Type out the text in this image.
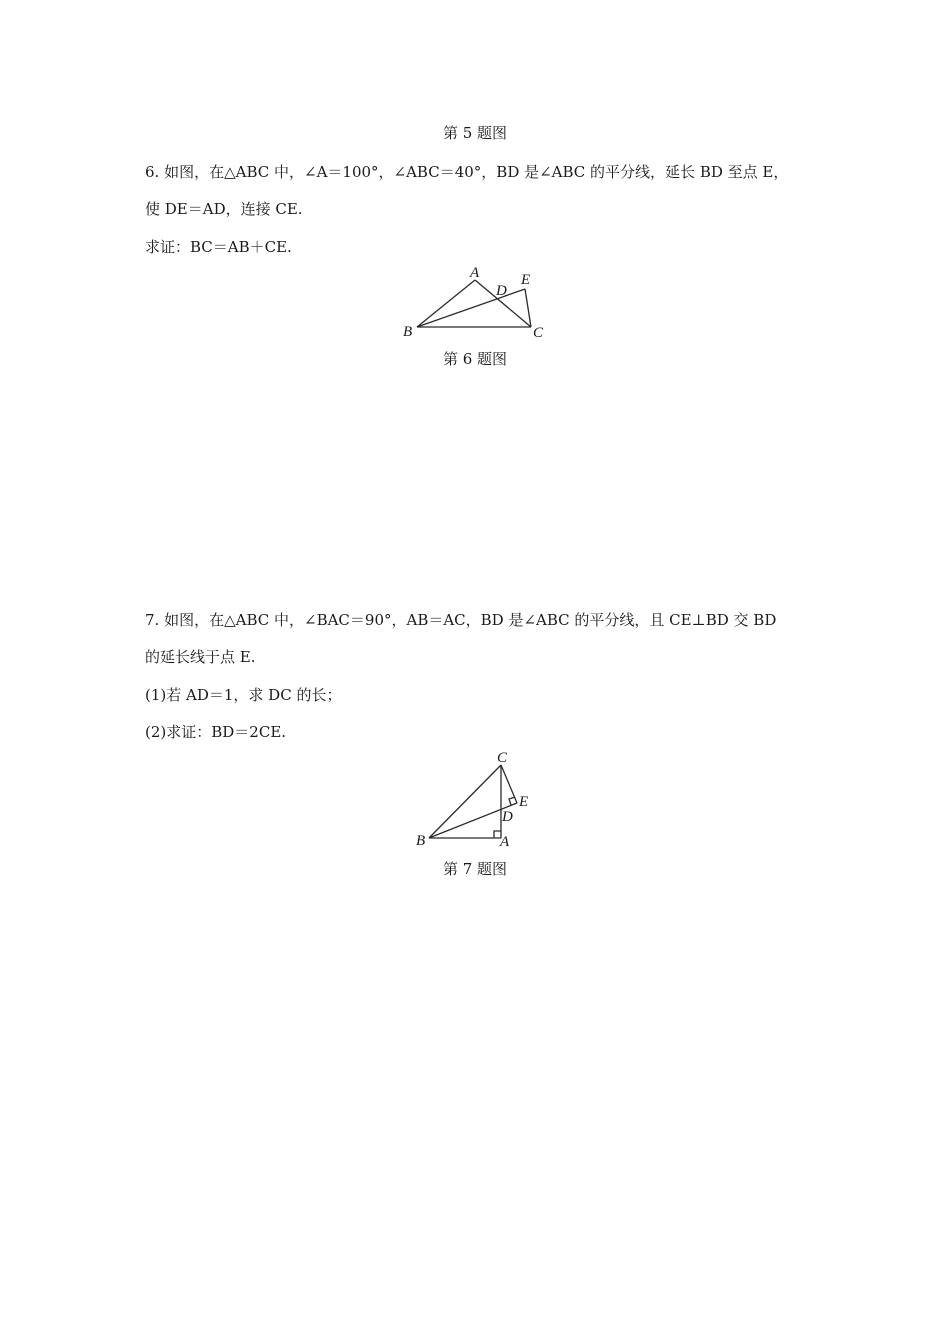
第 5 题图
6. 如图，在△ABC 中，∠A＝100°，∠ABC＝40°，BD 是∠ABC 的平分线，延长 BD 至点 E，
使 DE＝AD，连接 CE.
求证：BC＝AB＋CE.
A	E
D
B	C
第 6 题图
7. 如图，在△ABC 中，∠BAC＝90°，AB＝AC，BD 是∠ABC 的平分线，且 CE⊥BD 交 BD
的延长线于点 E.
(1)若 AD＝1，求 DC 的长；
(2)求证：BD＝2CE.
C
E
D
B	A
第 7 题图
